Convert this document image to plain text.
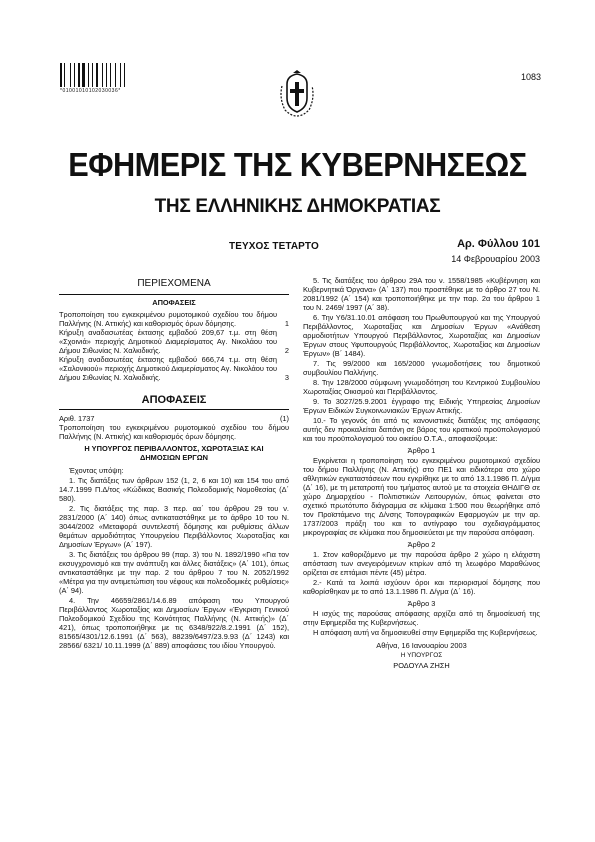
*01001010102030036*
1083
ΕΦΗΜΕΡΙΣ ΤΗΣ ΚΥΒΕΡΝΗΣΕΩΣ
ΤΗΣ ΕΛΛΗΝΙΚΗΣ ΔΗΜΟΚΡΑΤΙΑΣ
ΤΕΥΧΟΣ ΤΕΤΑΡΤΟ	Αρ. Φύλλου 101
14 Φεβρουαρίου 2003
ΠΕΡΙΕΧΟΜΕΝΑ
ΑΠΟΦΑΣΕΙΣ
Τροποποίηση του εγκεκριμένου ρυμοτομικού σχεδίου του δήμου Παλλήνης (Ν. Αττικής) και καθορισμός όρων δόμησης.	1
Κήρυξη αναδασωτέας έκτασης εμβαδού 209,67 τ.μ. στη θέση «Σχοινιά» περιοχής Δημοτικού Διαμερίσματος Αγ. Νικολάου του Δήμου Σιθωνίας Ν. Χαλκιδικής.	2
Κήρυξη αναδασωτέας έκτασης εμβαδού 666,74 τ.μ. στη θέση «Σαλονικιού» περιοχής Δημοτικού Διαμερίσματος Αγ. Νικολάου του Δήμου Σιθωνίας Ν. Χαλκιδικής.	3
ΑΠΟΦΑΣΕΙΣ
Αριθ. 1737	(1)

Τροποποίηση του εγκεκριμένου ρυμοτομικού σχεδίου του δήμου Παλλήνης (Ν. Αττικής) και καθορισμός όρων δόμησης.

Η ΥΠΟΥΡΓΟΣ ΠΕΡΙΒΑΛΛΟΝΤΟΣ, ΧΩΡΟΤΑΞΙΑΣ ΚΑΙ ΔΗΜΟΣΙΩΝ ΕΡΓΩΝ

Έχοντας υπόψη:

1. Τις διατάξεις των άρθρων 152 (1, 2, 6 και 10) και 154 του από 14.7.1999 Π.Δ/τος «Κώδικας Βασικής Πολεοδομικής Νομοθεσίας (Δ΄ 580).

2. Τις διατάξεις της παρ. 3 περ. αα΄ του άρθρου 29 του ν. 2831/2000 (Α΄ 140) όπως αντικαταστάθηκε με το άρθρο 10 του Ν. 3044/2002 «Μεταφορά συντελεστή δόμησης και ρυθμίσεις άλλων θεμάτων αρμοδιότητας Υπουργείου Περιβάλλοντος Χωροταξίας και Δημοσίων Έργων» (Α΄ 197).

3. Τις διατάξεις του άρθρου 99 (παρ. 3) του Ν. 1892/1990 «Για τον εκσυγχρονισμό και την ανάπτυξη και άλλες διατάξεις» (Α΄ 101), όπως αντικαταστάθηκε με την παρ. 2 του άρθρου 7 του Ν. 2052/1992 «Μέτρα για την αντιμετώπιση του νέφους και πολεοδομικές ρυθμίσεις» (Α΄ 94).

4. Την 46659/2861/14.6.89 απόφαση του Υπουργού Περιβάλλοντος Χωροταξίας και Δημοσίων Έργων «Έγκριση Γενικού Πολεοδομικού Σχεδίου της Κοινότητας Παλλήνης (Ν. Αττικής)» (Δ΄ 421), όπως τροποποιήθηκε με τις 6348/922/8.2.1991 (Δ΄ 152), 81565/4301/12.6.1991 (Δ΄ 563), 88239/6497/23.9.93 (Δ΄ 1243) και 28566/ 6321/ 10.11.1999 (Δ΄ 889) αποφάσεις του ιδίου Υπουργού.

5. Τις διατάξεις του άρθρου 29Α του ν. 1558/1985 «Κυβέρνηση και Κυβερνητικά Όργανα» (Α΄ 137) που προστέθηκε με το άρθρο 27 του Ν. 2081/1992 (Α΄ 154) και τροποποιήθηκε με την παρ. 2α του άρθρου 1 του Ν. 2469/ 1997 (Α΄ 38).

6. Την Υ6/31.10.01 απόφαση του Πρωθυπουργού και της Υπουργού Περιβάλλοντος, Χωροταξίας και Δημοσίων Έργων «Ανάθεση αρμοδιοτήτων Υπουργού Περιβάλλοντος, Χωροταξίας και Δημοσίων Έργων στους Υφυπουργούς Περιβάλλοντος, Χωροταξίας και Δημοσίων Έργων» (Β΄ 1484).

7. Τις 99/2000 και 165/2000 γνωμοδοτήσεις του δημοτικού συμβουλίου Παλλήνης.

8. Την 128/2000 σύμφωνη γνωμοδότηση του Κεντρικού Συμβουλίου Χωροταξίας Οικισμού και Περιβάλλοντος.

9. Το 3027/25.9.2001 έγγραφο της Ειδικής Υπηρεσίας Δημοσίων Έργων Ειδικών Συγκοινωνιακών Έργων Αττικής.

10.- Το γεγονός ότι από τις κανονιστικές διατάξεις της απόφασης αυτής δεν προκαλείται δαπάνη σε βάρος του κρατικού προϋπολογισμού και του προϋπολογισμού του οικείου Ο.Τ.Α., αποφασίζουμε:

Άρθρο 1

Εγκρίνεται η τροποποίηση του εγκεκριμένου ρυμοτομικού σχεδίου του δήμου Παλλήνης (Ν. Αττικής) στο ΠΕ1 και ειδικότερα στο χώρο αθλητικών εγκαταστάσεων που εγκρίθηκε με το από 13.1.1986 Π. Δ/γμα (Δ΄ 16), με τη μετατροπή του τμήματος αυτού με τα στοιχεία ΘΗΔΙΓΘ σε χώρο Δημαρχείου - Πολιτιστικών Λειτουργιών, όπως φαίνεται στο σχετικό πρωτότυπο διάγραμμα σε κλίμακα 1:500 που θεωρήθηκε από τον Προϊστάμενο της Δ/νσης Τοπογραφικών Εφαρμογών με την αρ. 1737/2003 πράξη του και το αντίγραφο του σχεδιαγράμματος μικρογραφίας σε κλίμακα που δημοσιεύεται με την παρούσα απόφαση.

Άρθρο 2

1. Στον καθοριζόμενο με την παρούσα άρθρο 2 χώρο η ελάχιστη απόσταση των ανεγειρόμενων κτιρίων από τη λεωφόρο Μαραθώνος ορίζεται σε επτάμισι πέντε (45) μέτρα.

2.- Κατά τα λοιπά ισχύουν όροι και περιορισμοί δόμησης που καθορίσθηκαν με το από 13.1.1986 Π. Δ/γμα (Δ΄ 16).

Άρθρο 3

Η ισχύς της παρούσας απόφασης αρχίζει από τη δημοσίευσή της στην Εφημερίδα της Κυβερνήσεως.

Η απόφαση αυτή να δημοσιευθεί στην Εφημερίδα της Κυβερνήσεως.

Αθήνα, 16 Ιανουαρίου 2003

Η ΥΠΟΥΡΓΟΣ

ΡΟΔΟΥΛΑ ΖΗΣΗ
